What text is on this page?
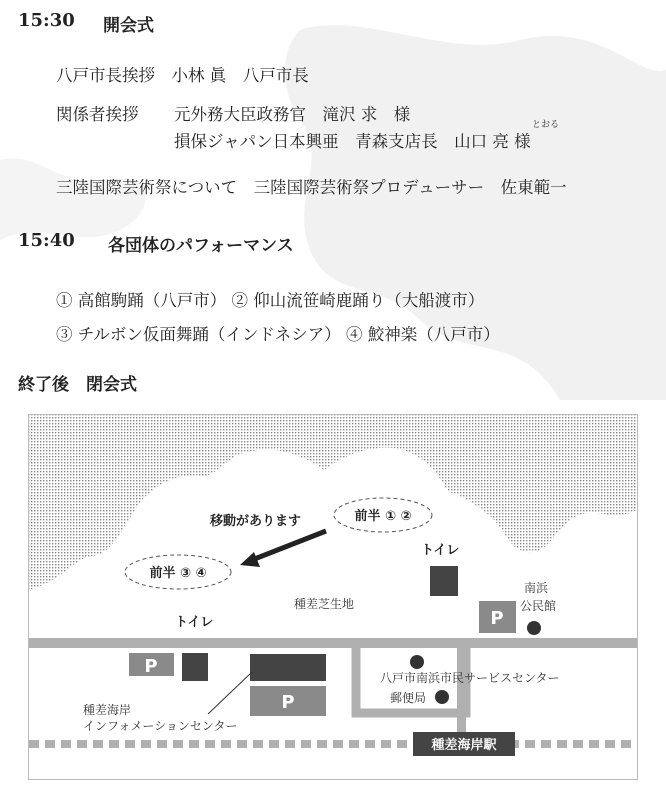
15:30 開会式
八戸市長挨拶　小林 眞　八戸市長
関係者挨拶 元外務大臣政務官　滝沢 求　様
損保ジャパン日本興亜　青森支店長　山口 亮 様
とおる
三陸国際芸術祭について　三陸国際芸術祭プロデューサー　佐東範一
15:40 各団体のパフォーマンス
① 高館駒踊（八戸市） ② 仰山流笹崎鹿踊り（大船渡市）
③ チルボン仮面舞踊（インドネシア） ④ 鮫神楽（八戸市）
終了後　閉会式
前半 ① ②
前半 ③ ④
移動があります
トイレ
種差芝生地
P
南浜
公民館
トイレ
P
P
種差海岸
インフォメーションセンター
八戸市南浜市民サービスセンター
郵便局
種差海岸駅
